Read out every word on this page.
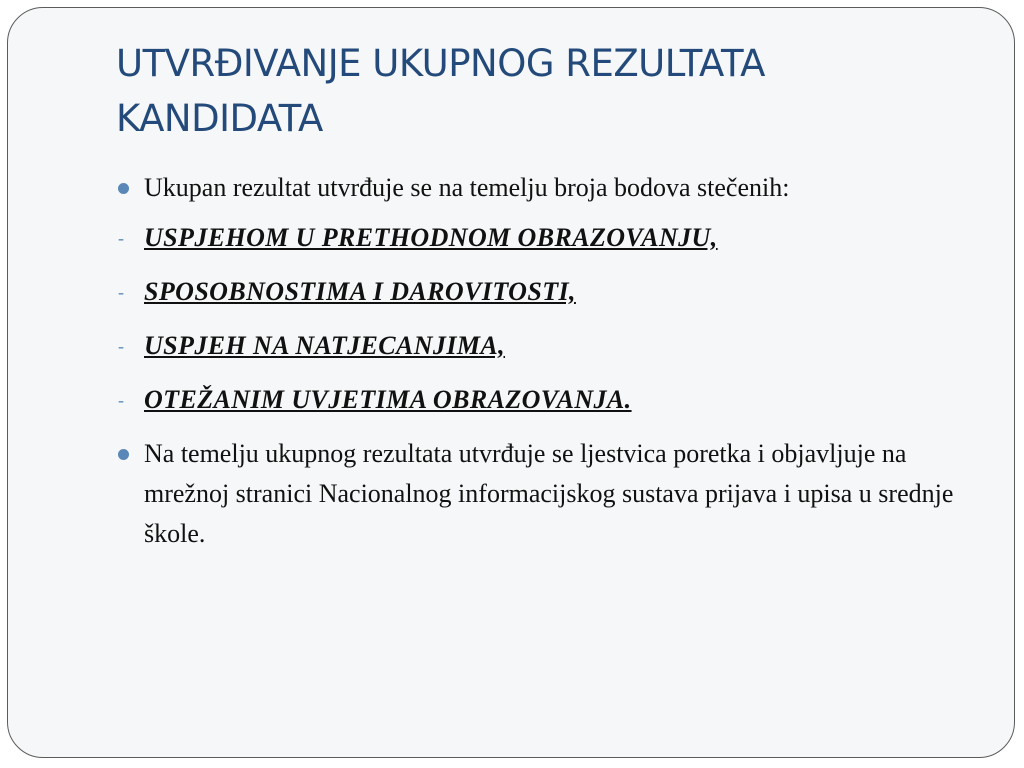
UTVRĐIVANJE UKUPNOG REZULTATA KANDIDATA
Ukupan rezultat utvrđuje se na temelju broja bodova stečenih:
- USPJEHOM U PRETHODNOM OBRAZOVANJU,
- SPOSOBNOSTIMA I DAROVITOSTI,
- USPJEH NA NATJECANJIMA,
- OTEŽANIM UVJETIMA OBRAZOVANJA.
Na temelju ukupnog rezultata utvrđuje se ljestvica poretka i objavljuje na mrežnoj stranici Nacionalnog informacijskog sustava prijava i upisa u srednje škole.
